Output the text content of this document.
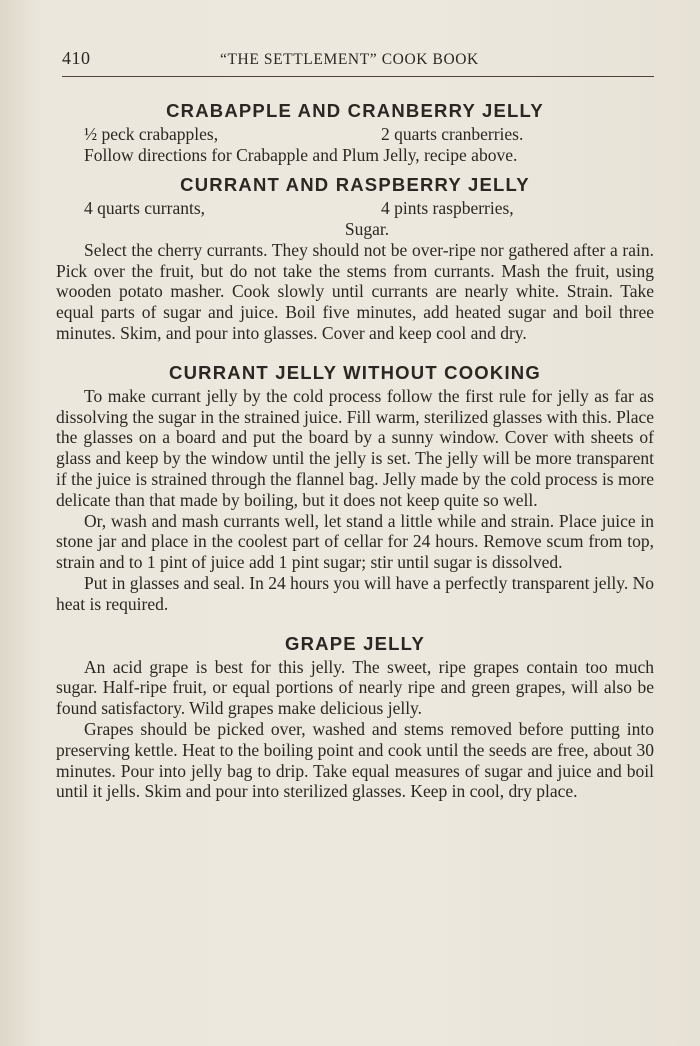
410	“THE SETTLEMENT” COOK BOOK
CRABAPPLE AND CRANBERRY JELLY
½ peck crabapples,	2 quarts cranberries.

Follow directions for Crabapple and Plum Jelly, recipe above.

CURRANT AND RASPBERRY JELLY
4 quarts currants,	4 pints raspberries,
Sugar.

Select the cherry currants. They should not be over-ripe nor gathered after a rain. Pick over the fruit, but do not take the stems from currants. Mash the fruit, using wooden potato masher. Cook slowly until currants are nearly white. Strain. Take equal parts of sugar and juice. Boil five minutes, add heated sugar and boil three minutes. Skim, and pour into glasses. Cover and keep cool and dry.

CURRANT JELLY WITHOUT COOKING

To make currant jelly by the cold process follow the first rule for jelly as far as dissolving the sugar in the strained juice. Fill warm, sterilized glasses with this. Place the glasses on a board and put the board by a sunny window. Cover with sheets of glass and keep by the window until the jelly is set. The jelly will be more transparent if the juice is strained through the flannel bag. Jelly made by the cold process is more delicate than that made by boiling, but it does not keep quite so well.

Or, wash and mash currants well, let stand a little while and strain. Place juice in stone jar and place in the coolest part of cellar for 24 hours. Remove scum from top, strain and to 1 pint of juice add 1 pint sugar; stir until sugar is dissolved.

Put in glasses and seal. In 24 hours you will have a perfectly transparent jelly. No heat is required.

GRAPE JELLY

An acid grape is best for this jelly. The sweet, ripe grapes contain too much sugar. Half-ripe fruit, or equal portions of nearly ripe and green grapes, will also be found satisfactory. Wild grapes make delicious jelly.

Grapes should be picked over, washed and stems removed before putting into preserving kettle. Heat to the boiling point and cook until the seeds are free, about 30 minutes. Pour into jelly bag to drip. Take equal measures of sugar and juice and boil until it jells. Skim and pour into sterilized glasses. Keep in cool, dry place.
